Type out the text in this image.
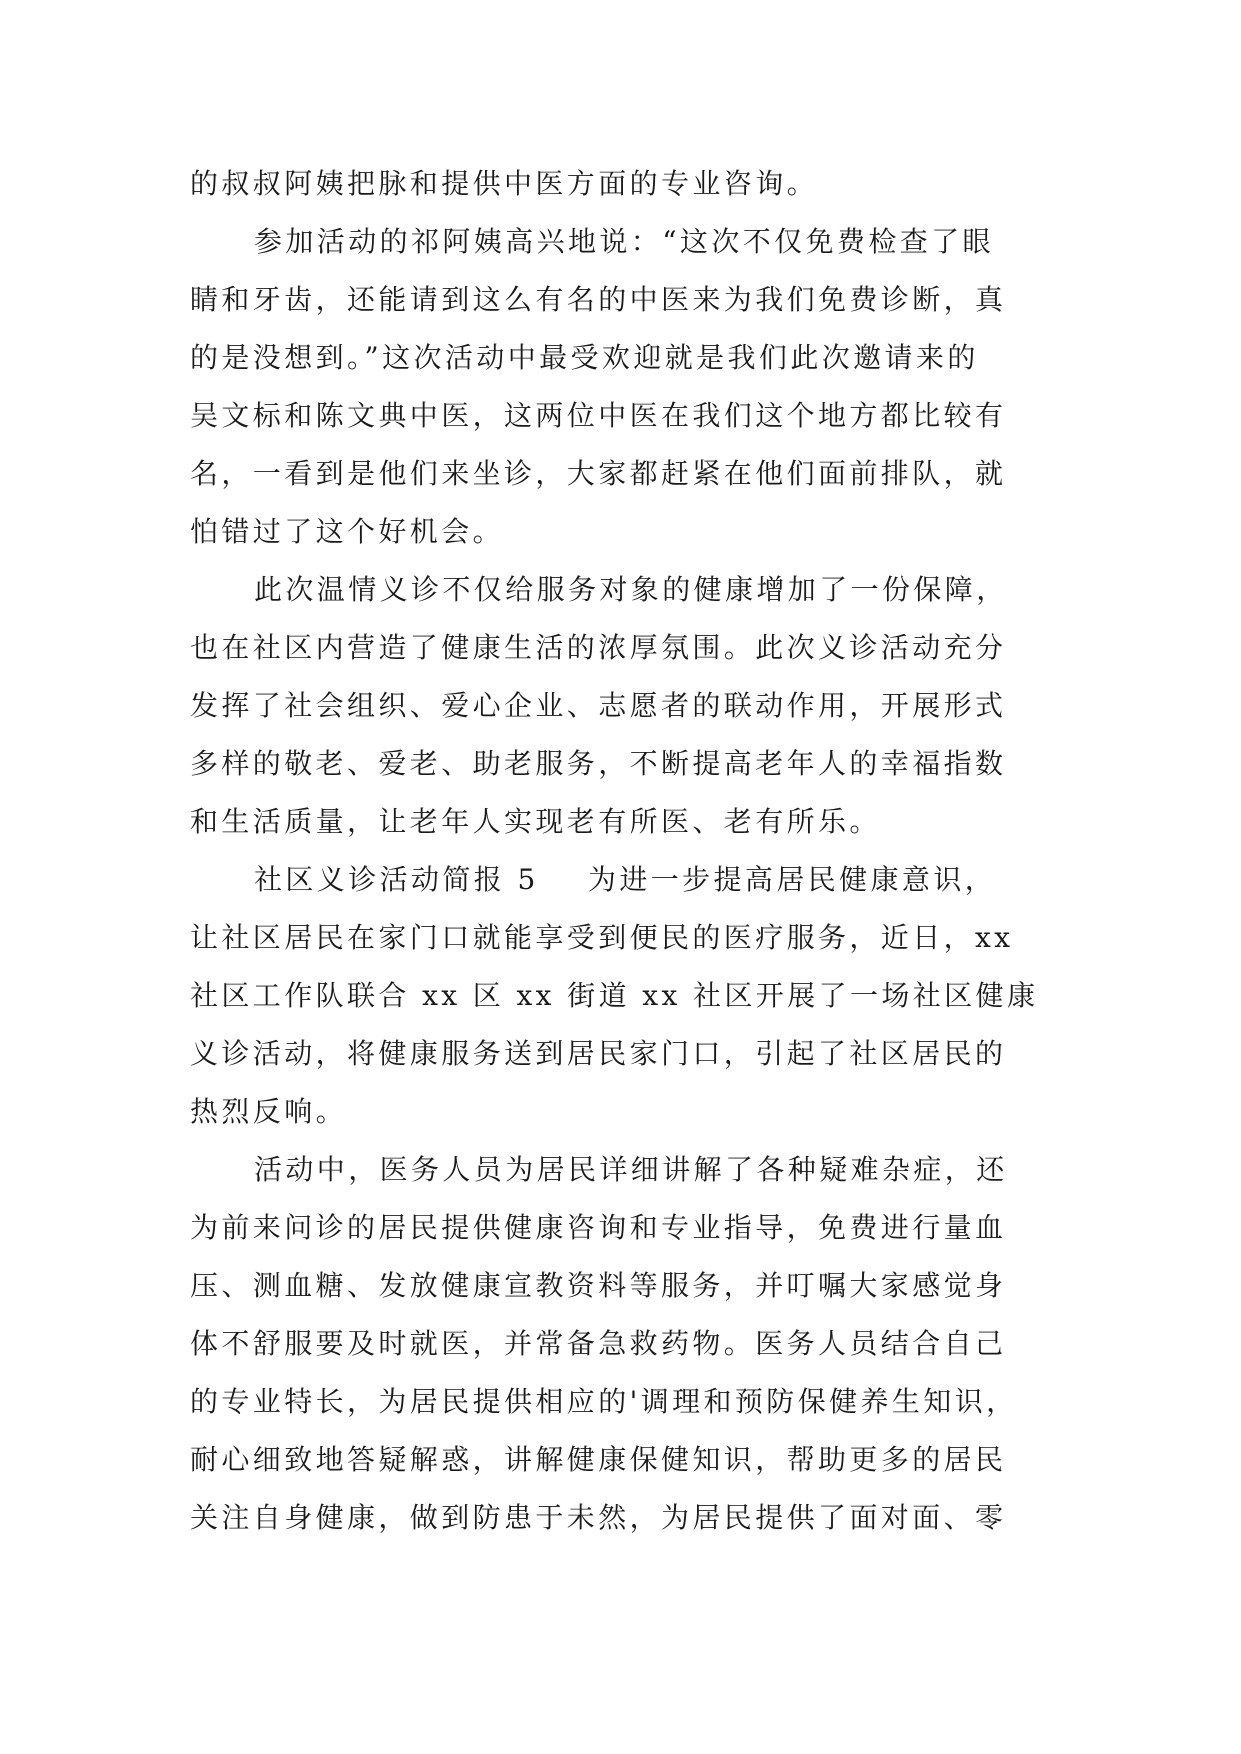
的叔叔阿姨把脉和提供中医方面的专业咨询。
参加活动的祁阿姨高兴地说：“这次不仅免费检查了眼
睛和牙齿，还能请到这么有名的中医来为我们免费诊断，真
的是没想到。”这次活动中最受欢迎就是我们此次邀请来的
吴文标和陈文典中医，这两位中医在我们这个地方都比较有
名，一看到是他们来坐诊，大家都赶紧在他们面前排队，就
怕错过了这个好机会。
此次温情义诊不仅给服务对象的健康增加了一份保障，
也在社区内营造了健康生活的浓厚氛围。此次义诊活动充分
发挥了社会组织、爱心企业、志愿者的联动作用，开展形式
多样的敬老、爱老、助老服务，不断提高老年人的幸福指数
和生活质量，让老年人实现老有所医、老有所乐。
社区义诊活动简报 5    为进一步提高居民健康意识，
让社区居民在家门口就能享受到便民的医疗服务，近日，xx
社区工作队联合 xx 区 xx 街道 xx 社区开展了一场社区健康
义诊活动，将健康服务送到居民家门口，引起了社区居民的
热烈反响。
活动中，医务人员为居民详细讲解了各种疑难杂症，还
为前来问诊的居民提供健康咨询和专业指导，免费进行量血
压、测血糖、发放健康宣教资料等服务，并叮嘱大家感觉身
体不舒服要及时就医，并常备急救药物。医务人员结合自己
的专业特长，为居民提供相应的'调理和预防保健养生知识，
耐心细致地答疑解惑，讲解健康保健知识，帮助更多的居民
关注自身健康，做到防患于未然，为居民提供了面对面、零
